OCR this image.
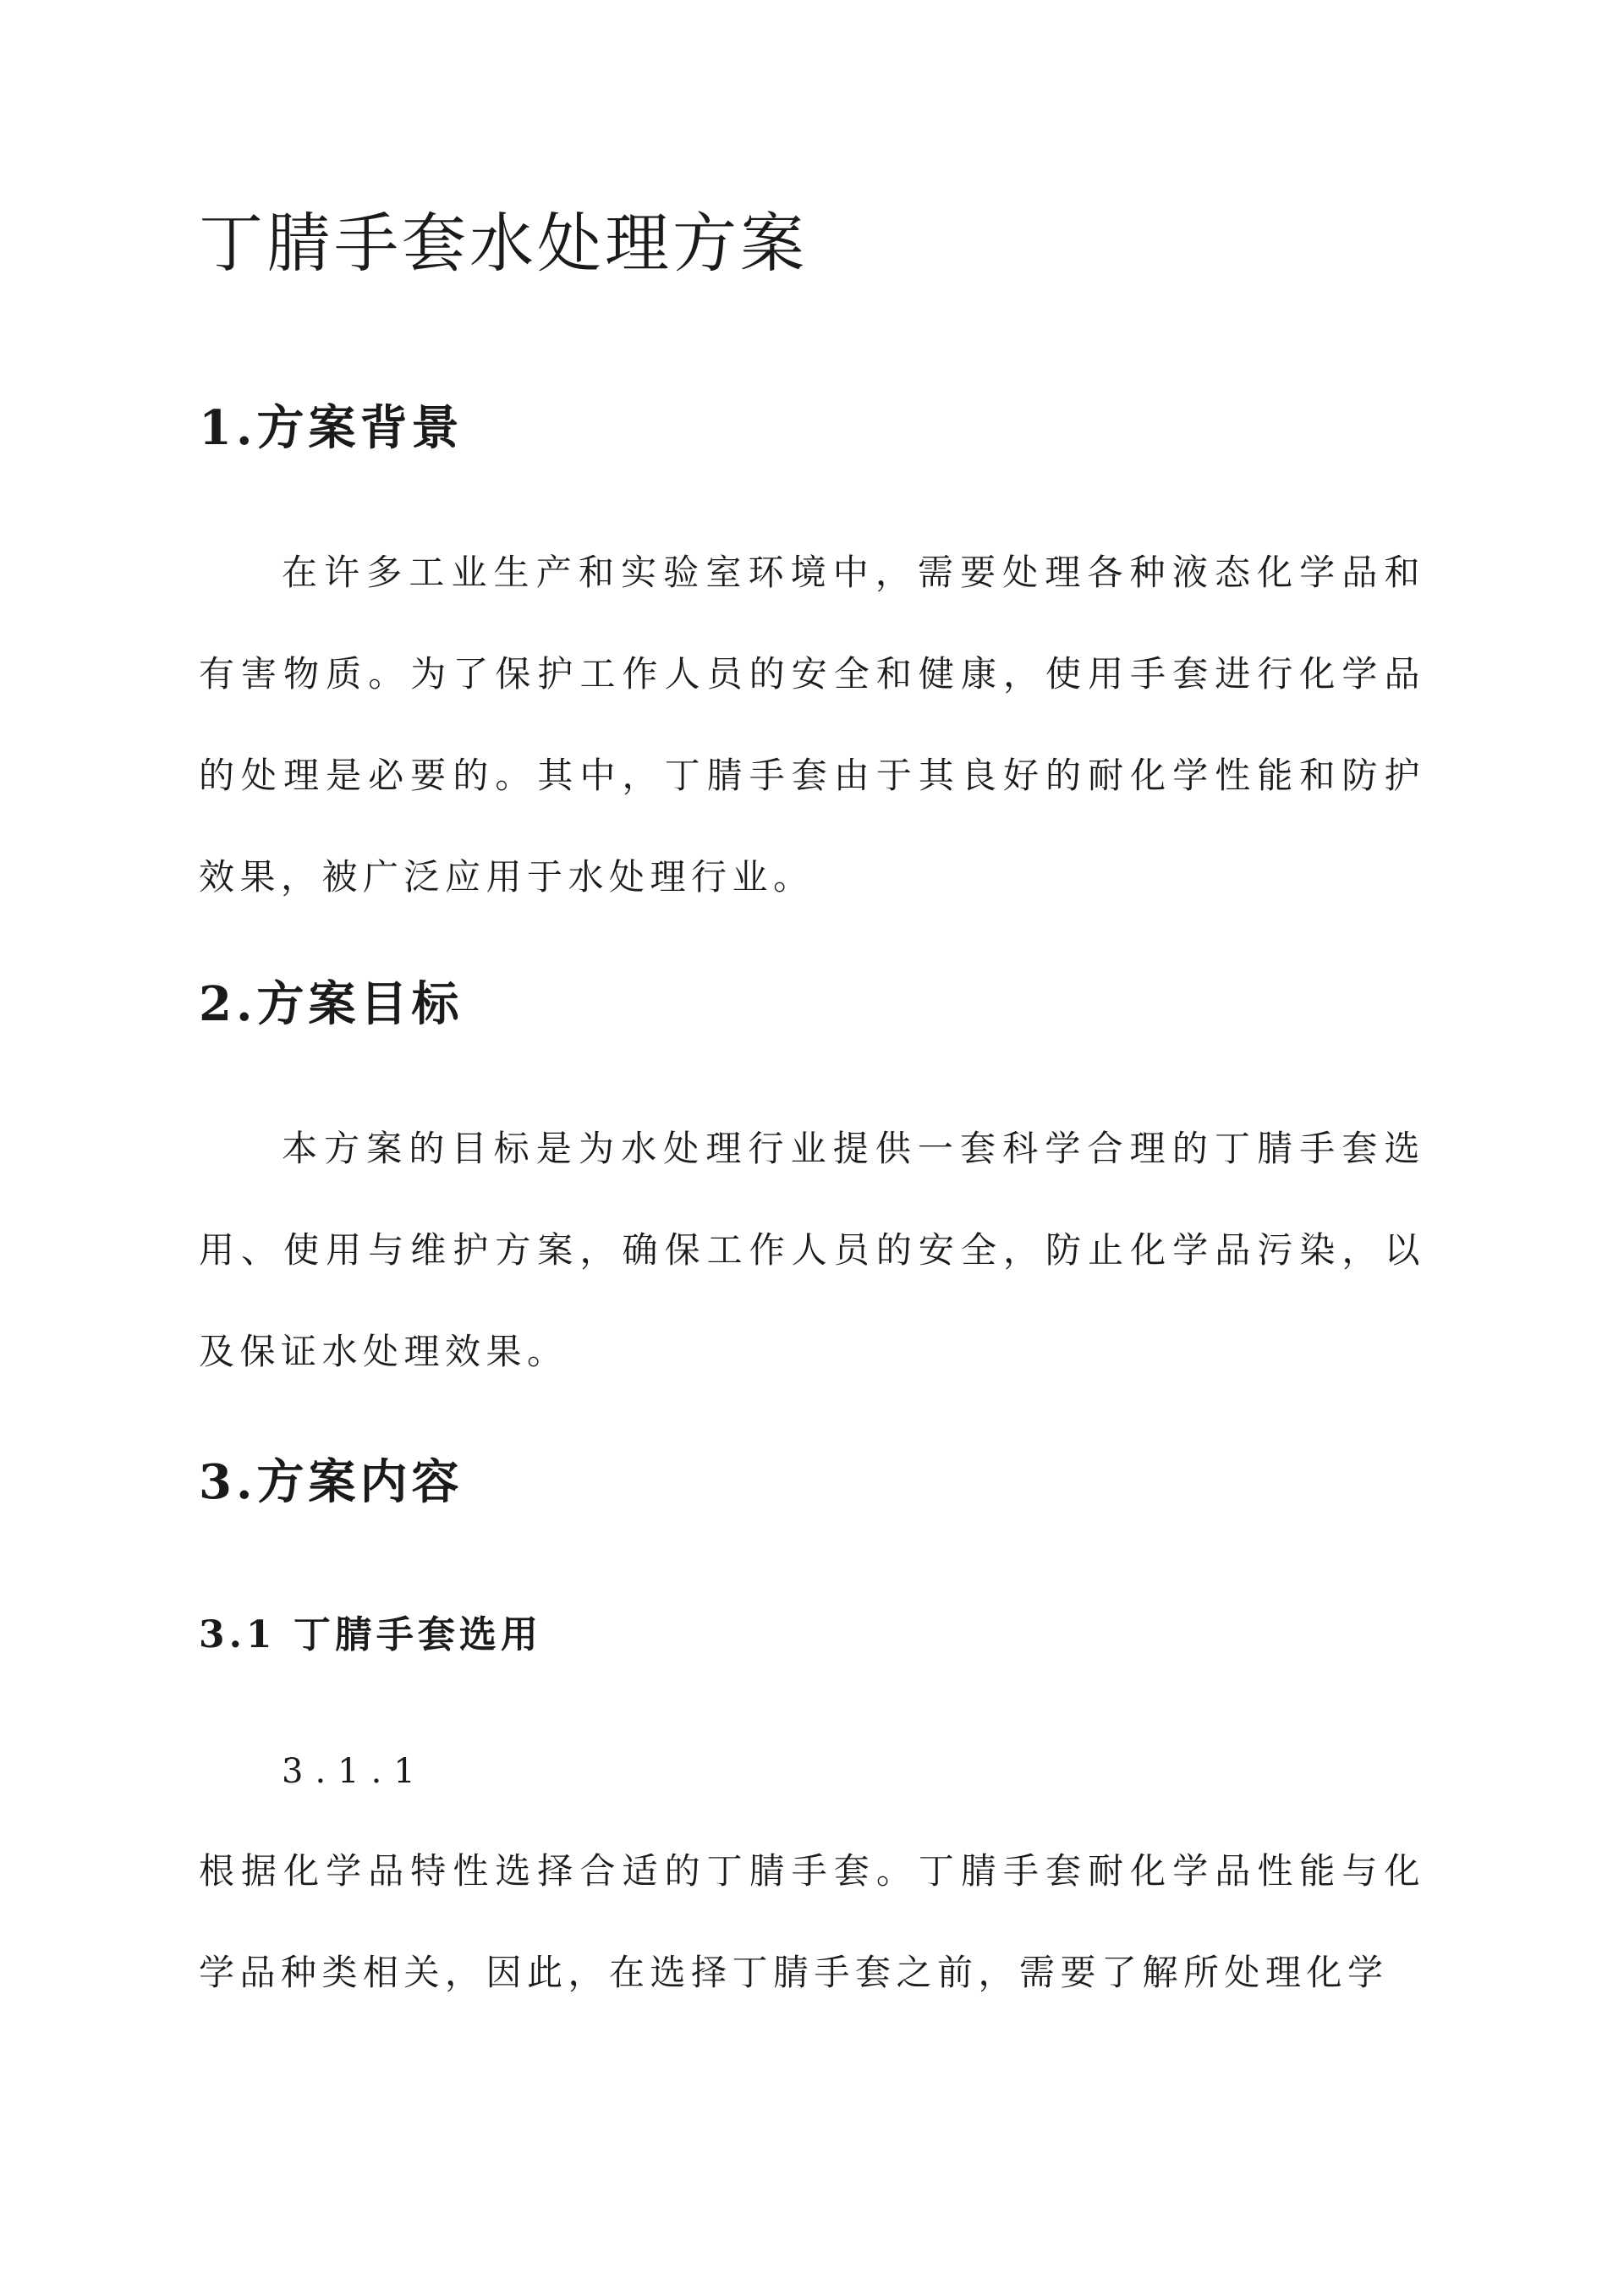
丁腈手套水处理方案
1.方案背景

在许多工业生产和实验室环境中，需要处理各种液态化学品和有害物质。为了保护工作人员的安全和健康，使用手套进行化学品的处理是必要的。其中，丁腈手套由于其良好的耐化学性能和防护效果，被广泛应用于水处理行业。

2.方案目标

本方案的目标是为水处理行业提供一套科学合理的丁腈手套选用、使用与维护方案，确保工作人员的安全，防止化学品污染，以及保证水处理效果。

3.方案内容
3.1 丁腈手套选用
3.1.1

根据化学品特性选择合适的丁腈手套。丁腈手套耐化学品性能与化学品种类相关，因此，在选择丁腈手套之前，需要了解所处理化学
